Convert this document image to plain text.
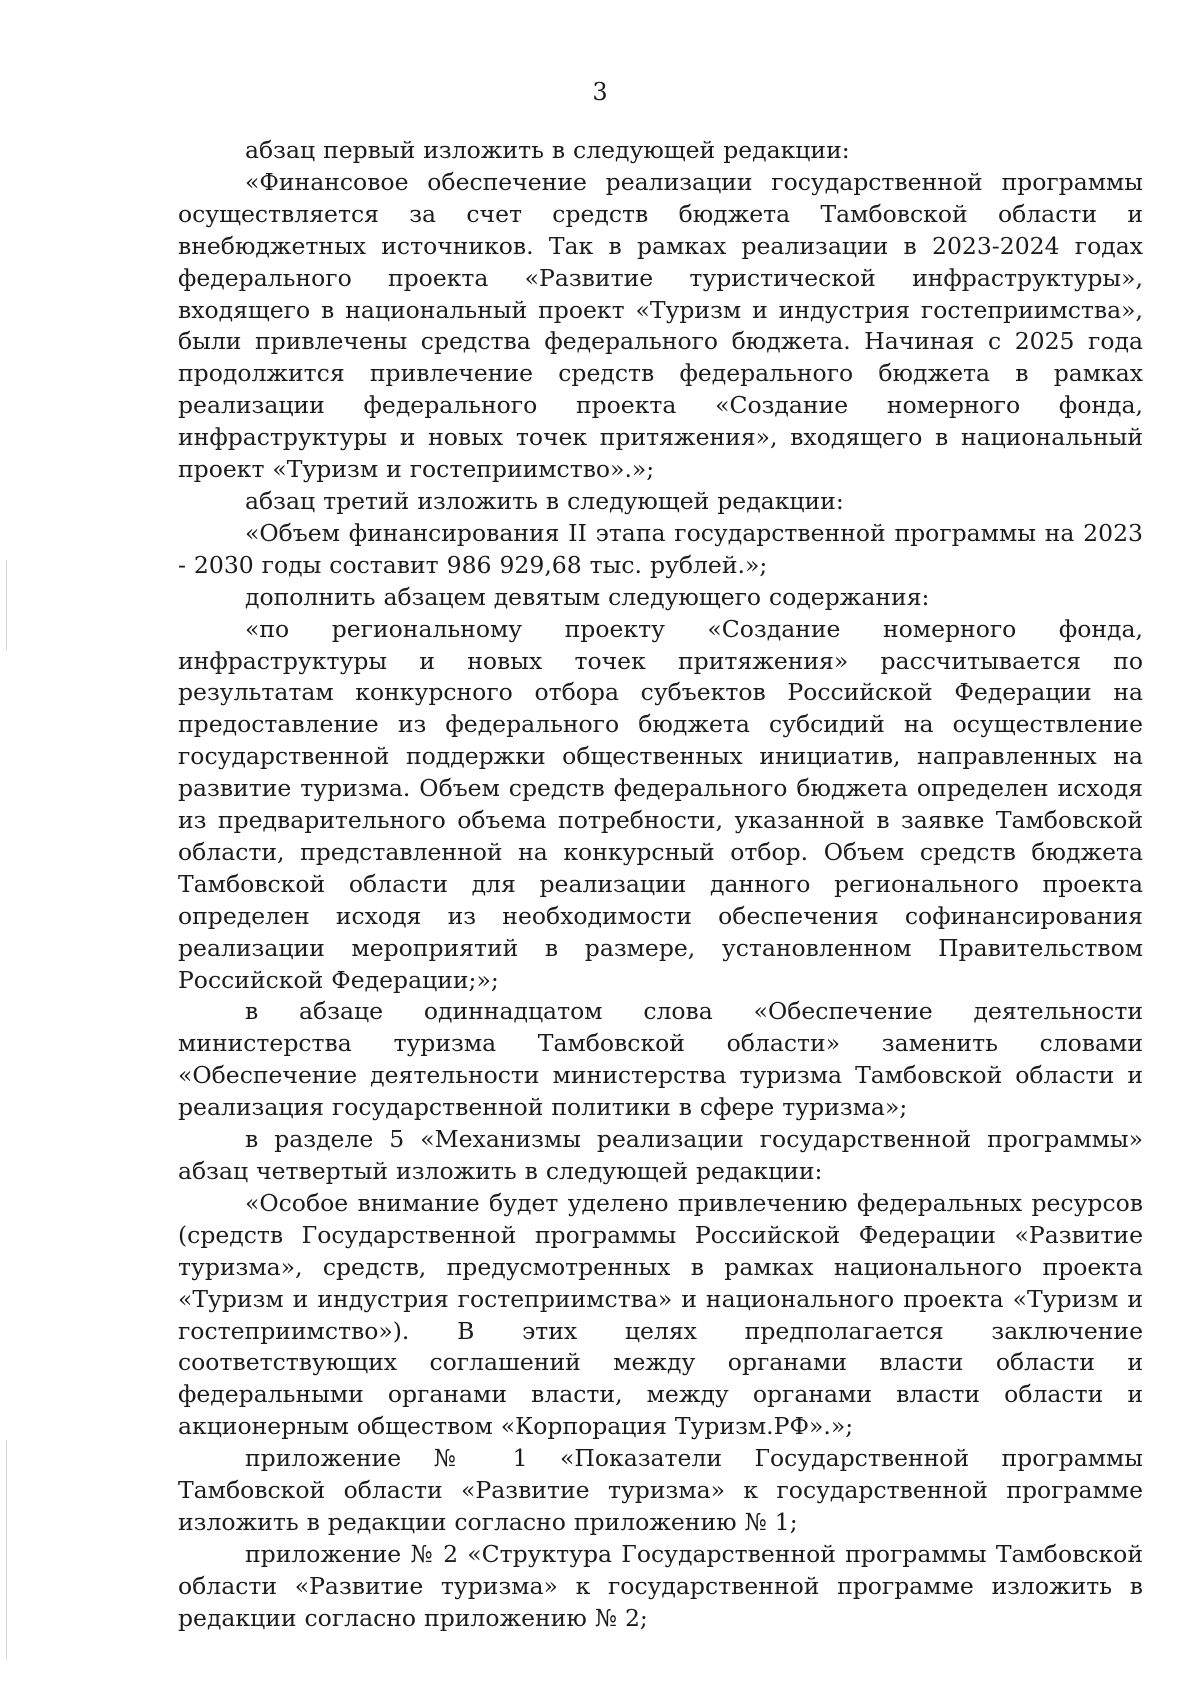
3

абзац первый изложить в следующей редакции:

«Финансовое обеспечение реализации государственной программы осуществляется за счет средств бюджета Тамбовской области и внебюджетных источников. Так в рамках реализации в 2023-2024 годах федерального проекта «Развитие туристической инфраструктуры», входящего в национальный проект «Туризм и индустрия гостеприимства», были привлечены средства федерального бюджета. Начиная с 2025 года продолжится привлечение средств федерального бюджета в рамках реализации федерального проекта «Создание номерного фонда, инфраструктуры и новых точек притяжения», входящего в национальный проект «Туризм и гостеприимство».»;

абзац третий изложить в следующей редакции:

«Объем финансирования II этапа государственной программы на 2023 - 2030 годы составит 986 929,68 тыс. рублей.»;

дополнить абзацем девятым следующего содержания:

«по региональному проекту «Создание номерного фонда, инфраструктуры и новых точек притяжения» рассчитывается по результатам конкурсного отбора субъектов Российской Федерации на предоставление из федерального бюджета субсидий на осуществление государственной поддержки общественных инициатив, направленных на развитие туризма. Объем средств федерального бюджета определен исходя из предварительного объема потребности, указанной в заявке Тамбовской области, представленной на конкурсный отбор. Объем средств бюджета Тамбовской области для реализации данного регионального проекта определен исходя из необходимости обеспечения софинансирования реализации мероприятий в размере, установленном Правительством Российской Федерации;»;

в абзаце одиннадцатом слова «Обеспечение деятельности министерства туризма Тамбовской области» заменить словами «Обеспечение деятельности министерства туризма Тамбовской области и реализация государственной политики в сфере туризма»;

в разделе 5 «Механизмы реализации государственной программы» абзац четвертый изложить в следующей редакции:

«Особое внимание будет уделено привлечению федеральных ресурсов (средств Государственной программы Российской Федерации «Развитие туризма», средств, предусмотренных в рамках национального проекта «Туризм и индустрия гостеприимства» и национального проекта «Туризм и гостеприимство»). В этих целях предполагается заключение соответствующих соглашений между органами власти области и федеральными органами власти, между органами власти области и акционерным обществом «Корпорация Туризм.РФ».»;

приложение № 1 «Показатели Государственной программы Тамбовской области «Развитие туризма» к государственной программе изложить в редакции согласно приложению № 1;

приложение № 2 «Структура Государственной программы Тамбовской области «Развитие туризма» к государственной программе изложить в редакции согласно приложению № 2;
